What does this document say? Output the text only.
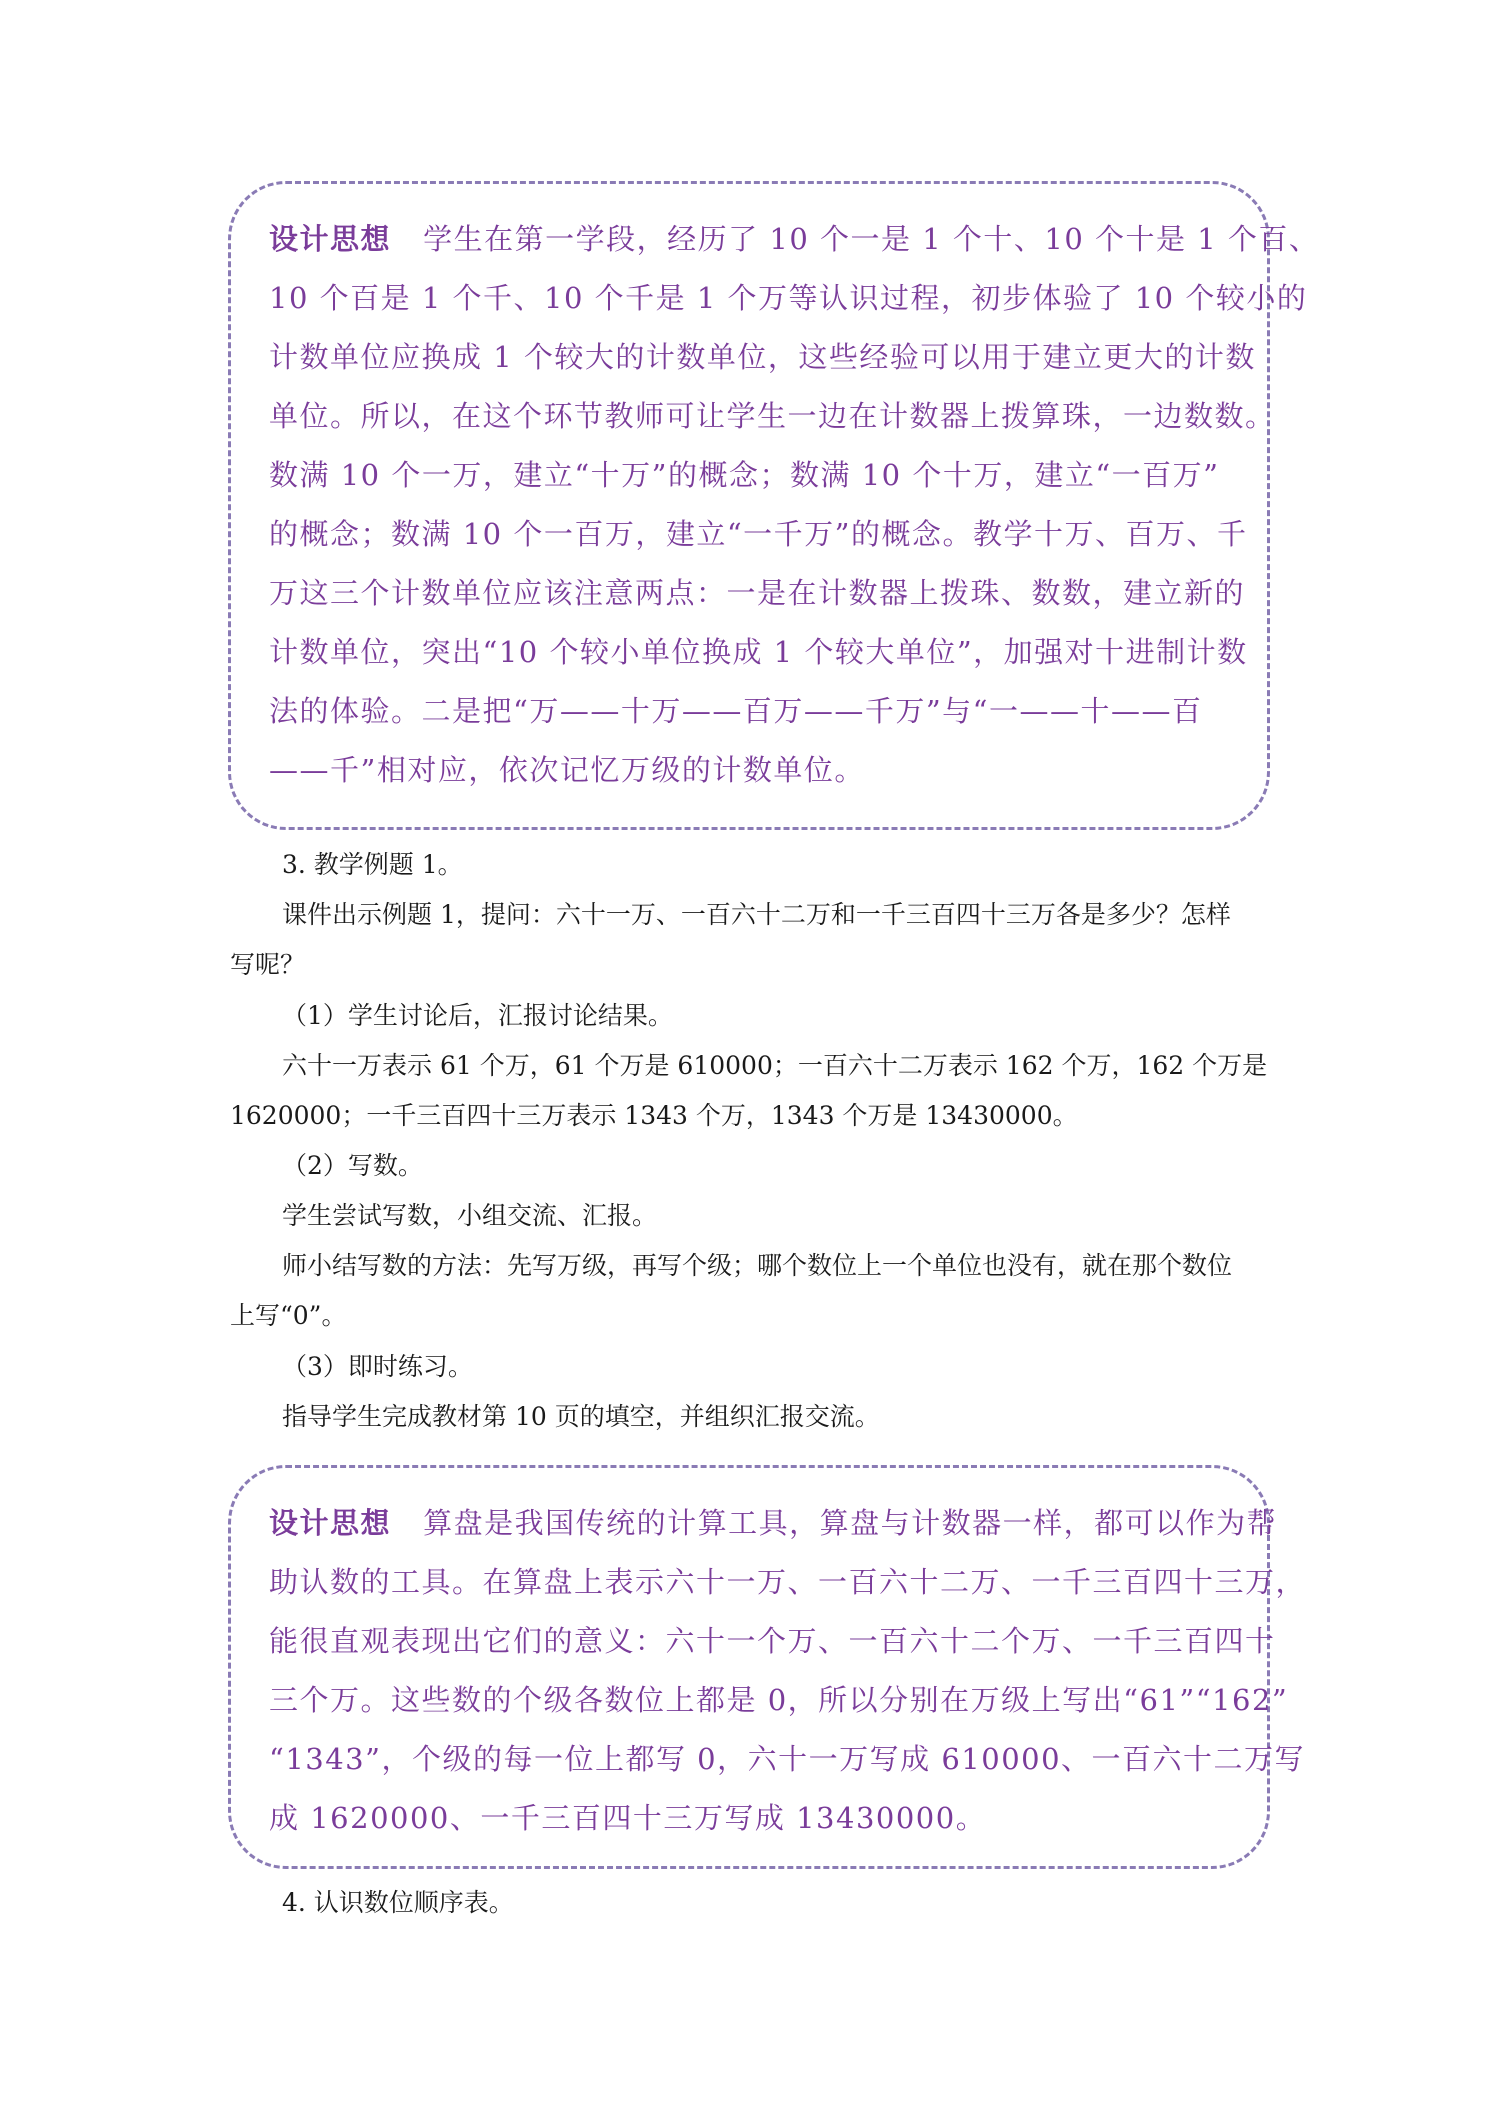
设计思想 学生在第一学段，经历了 10 个一是 1 个十、10 个十是 1 个百、
10 个百是 1 个千、10 个千是 1 个万等认识过程，初步体验了 10 个较小的
计数单位应换成 1 个较大的计数单位，这些经验可以用于建立更大的计数
单位。所以，在这个环节教师可让学生一边在计数器上拨算珠，一边数数。
数满 10 个一万，建立“十万”的概念；数满 10 个十万，建立“一百万”
的概念；数满 10 个一百万，建立“一千万”的概念。教学十万、百万、千
万这三个计数单位应该注意两点：一是在计数器上拨珠、数数，建立新的
计数单位，突出“10 个较小单位换成 1 个较大单位”，加强对十进制计数
法的体验。二是把“万——十万——百万——千万”与“一——十——百
——千”相对应，依次记忆万级的计数单位。

3. 教学例题 1。

课件出示例题 1，提问：六十一万、一百六十二万和一千三百四十三万各是多少？怎样

写呢？

（1）学生讨论后，汇报讨论结果。

六十一万表示 61 个万，61 个万是 610000；一百六十二万表示 162 个万，162 个万是

1620000；一千三百四十三万表示 1343 个万，1343 个万是 13430000。

（2）写数。

学生尝试写数，小组交流、汇报。

师小结写数的方法：先写万级，再写个级；哪个数位上一个单位也没有，就在那个数位

上写“0”。

（3）即时练习。

指导学生完成教材第 10 页的填空，并组织汇报交流。

设计思想 算盘是我国传统的计算工具，算盘与计数器一样，都可以作为帮
助认数的工具。在算盘上表示六十一万、一百六十二万、一千三百四十三万，
能很直观表现出它们的意义：六十一个万、一百六十二个万、一千三百四十
三个万。这些数的个级各数位上都是 0，所以分别在万级上写出“61”“162”
“1343”，个级的每一位上都写 0，六十一万写成 610000、一百六十二万写
成 1620000、一千三百四十三万写成 13430000。

4. 认识数位顺序表。
